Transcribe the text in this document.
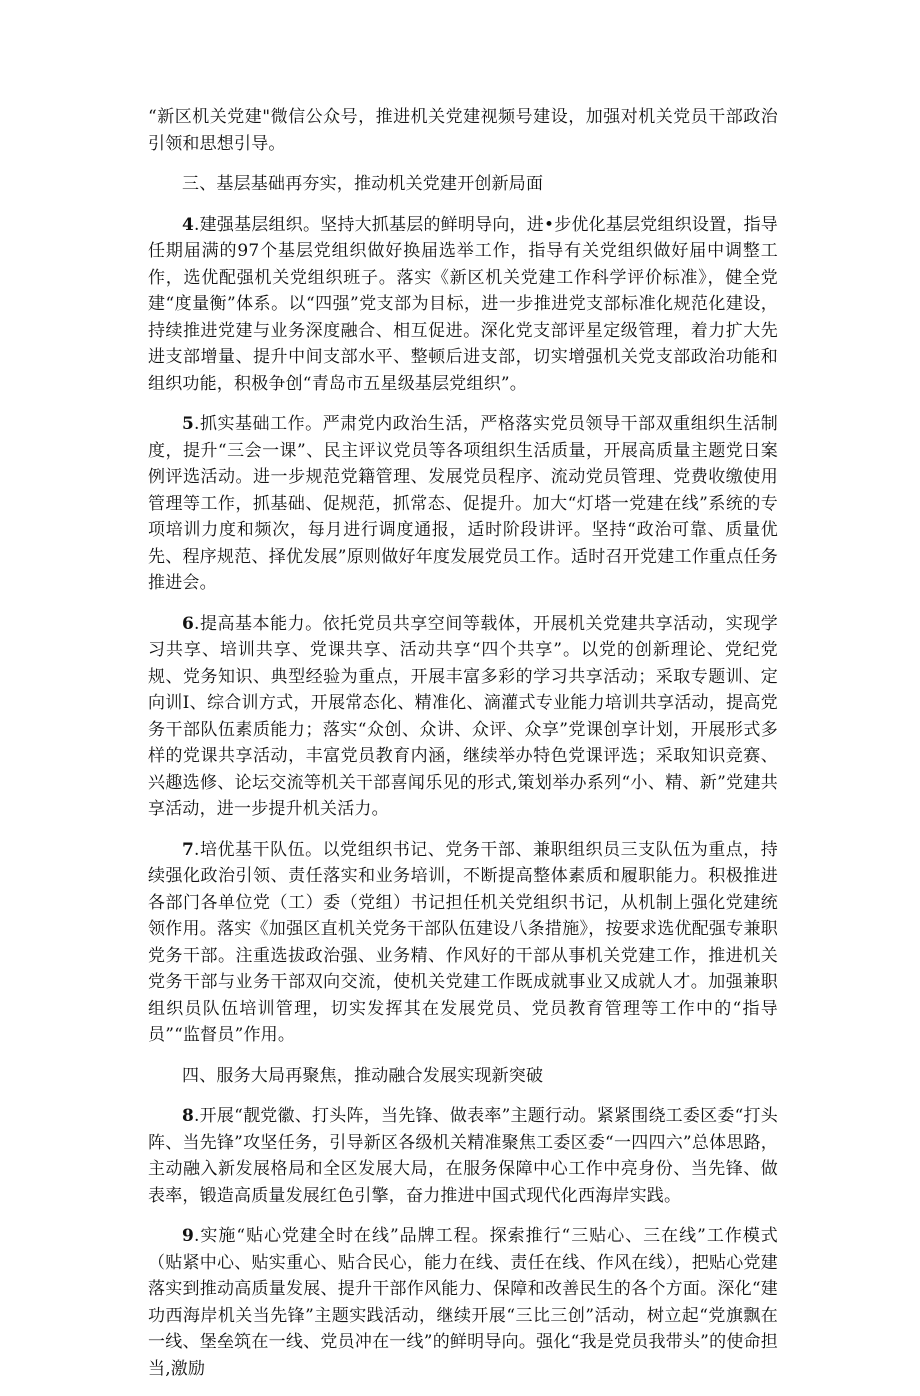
“新区机关党建"微信公众号，推进机关党建视频号建设，加强对机关党员干部政治引领和思想引导。

三、基层基础再夯实，推动机关党建开创新局面

4.建强基层组织。坚持大抓基层的鲜明导向，进•步优化基层党组织设置，指导任期届满的97个基层党组织做好换届选举工作，指导有关党组织做好届中调整工作，选优配强机关党组织班子。落实《新区机关党建工作科学评价标准》，健全党建“度量衡”体系。以“四强”党支部为目标，进一步推进党支部标准化规范化建设，持续推进党建与业务深度融合、相互促进。深化党支部评星定级管理，着力扩大先进支部增量、提升中间支部水平、整顿后进支部，切实增强机关党支部政治功能和组织功能，积极争创“青岛市五星级基层党组织”。

5.抓实基础工作。严肃党内政治生活，严格落实党员领导干部双重组织生活制度，提升“三会一课”、民主评议党员等各项组织生活质量，开展高质量主题党日案例评选活动。进一步规范党籍管理、发展党员程序、流动党员管理、党费收缴使用管理等工作，抓基础、促规范，抓常态、促提升。加大“灯塔一党建在线”系统的专项培训力度和频次，每月进行调度通报，适时阶段讲评。坚持“政治可靠、质量优先、程序规范、择优发展”原则做好年度发展党员工作。适时召开党建工作重点任务推进会。

6.提高基本能力。依托党员共享空间等载体，开展机关党建共享活动，实现学习共享、培训共享、党课共享、活动共享“四个共享”。以党的创新理论、党纪党规、党务知识、典型经验为重点，开展丰富多彩的学习共享活动；采取专题训、定向训Ⅰ、综合训方式，开展常态化、精准化、滴灌式专业能力培训共享活动，提高党务干部队伍素质能力；落实“众创、众讲、众评、众享”党课创享计划，开展形式多样的党课共享活动，丰富党员教育内涵，继续举办特色党课评选；采取知识竞赛、兴趣选修、论坛交流等机关干部喜闻乐见的形式,策划举办系列“小、精、新”党建共享活动，进一步提升机关活力。

7.培优基干队伍。以党组织书记、党务干部、兼职组织员三支队伍为重点，持续强化政治引领、责任落实和业务培训，不断提高整体素质和履职能力。积极推进各部门各单位党（工）委（党组）书记担任机关党组织书记，从机制上强化党建统领作用。落实《加强区直机关党务干部队伍建设八条措施》，按要求选优配强专兼职党务干部。注重选拔政治强、业务精、作风好的干部从事机关党建工作，推进机关党务干部与业务干部双向交流，使机关党建工作既成就事业又成就人才。加强兼职组织员队伍培训管理，切实发挥其在发展党员、党员教育管理等工作中的“指导员”“监督员”作用。

四、服务大局再聚焦，推动融合发展实现新突破

8.开展“靓党徽、打头阵，当先锋、做表率”主题行动。紧紧围绕工委区委“打头阵、当先锋”攻坚任务，引导新区各级机关精准聚焦工委区委“一四四六”总体思路，主动融入新发展格局和全区发展大局，在服务保障中心工作中亮身份、当先锋、做表率，锻造高质量发展红色引擎，奋力推进中国式现代化西海岸实践。

9.实施“贴心党建全时在线”品牌工程。探索推行“三贴心、三在线”工作模式（贴紧中心、贴实重心、贴合民心，能力在线、责任在线、作风在线），把贴心党建落实到推动高质量发展、提升干部作风能力、保障和改善民生的各个方面。深化“建功西海岸机关当先锋”主题实践活动，继续开展“三比三创”活动，树立起“党旗飘在一线、堡垒筑在一线、党员冲在一线”的鲜明导向。强化“我是党员我带头”的使命担当,激励
